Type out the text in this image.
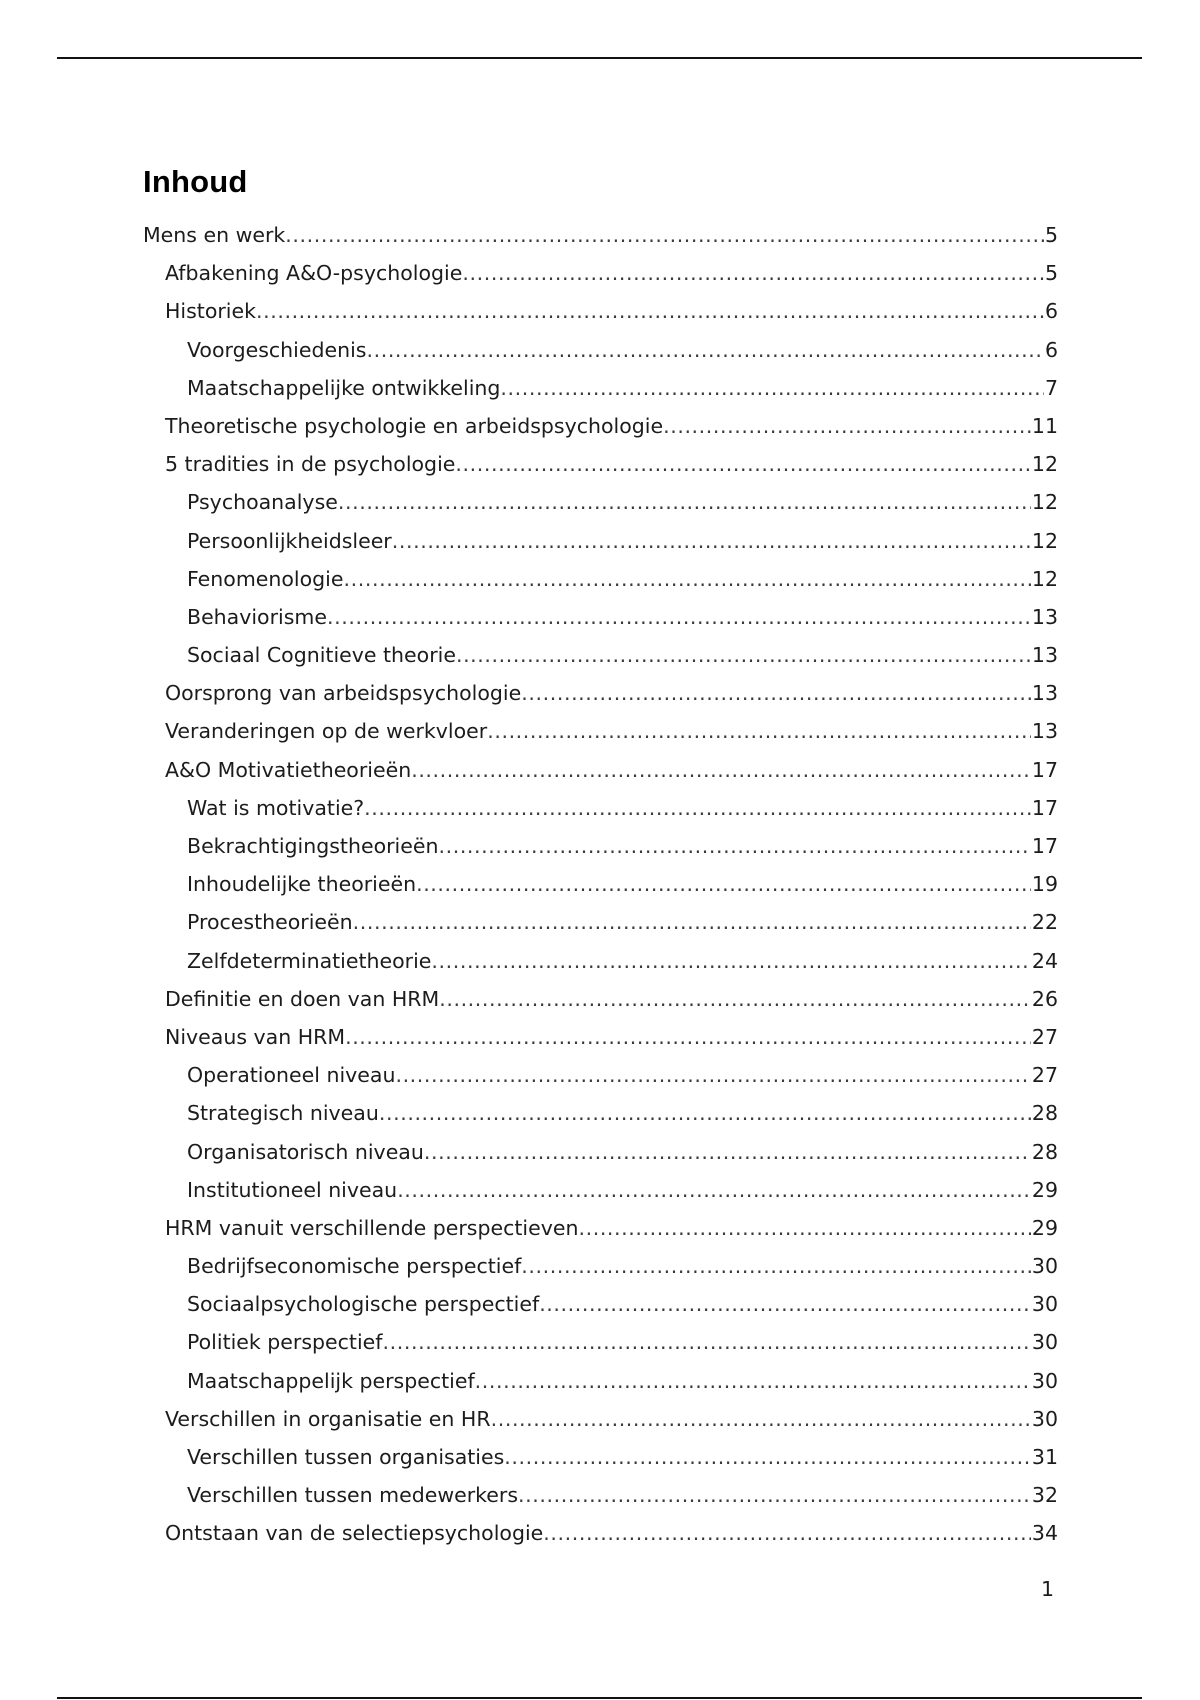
Inhoud
Mens en werk .....	5
Afbakening A&O-psychologie .....	5
Historiek .....	6
Voorgeschiedenis .....	6
Maatschappelijke ontwikkeling .....	7
Theoretische psychologie en arbeidspsychologie .....	11
5 tradities in de psychologie .....	12
Psychoanalyse .....	12
Persoonlijkheidsleer .....	12
Fenomenologie .....	12
Behaviorisme .....	13
Sociaal Cognitieve theorie .....	13
Oorsprong van arbeidspsychologie .....	13
Veranderingen op de werkvloer .....	13
A&O Motivatietheorieën .....	17
Wat is motivatie? .....	17
Bekrachtigingstheorieën .....	17
Inhoudelijke theorieën .....	19
Procestheorieën .....	22
Zelfdeterminatietheorie .....	24
Definitie en doen van HRM .....	26
Niveaus van HRM .....	27
Operationeel niveau .....	27
Strategisch niveau .....	28
Organisatorisch niveau .....	28
Institutioneel niveau .....	29
HRM vanuit verschillende perspectieven .....	29
Bedrijfseconomische perspectief .....	30
Sociaalpsychologische perspectief .....	30
Politiek perspectief .....	30
Maatschappelijk perspectief .....	30
Verschillen in organisatie en HR .....	30
Verschillen tussen organisaties .....	31
Verschillen tussen medewerkers .....	32
Ontstaan van de selectiepsychologie .....	34
1
